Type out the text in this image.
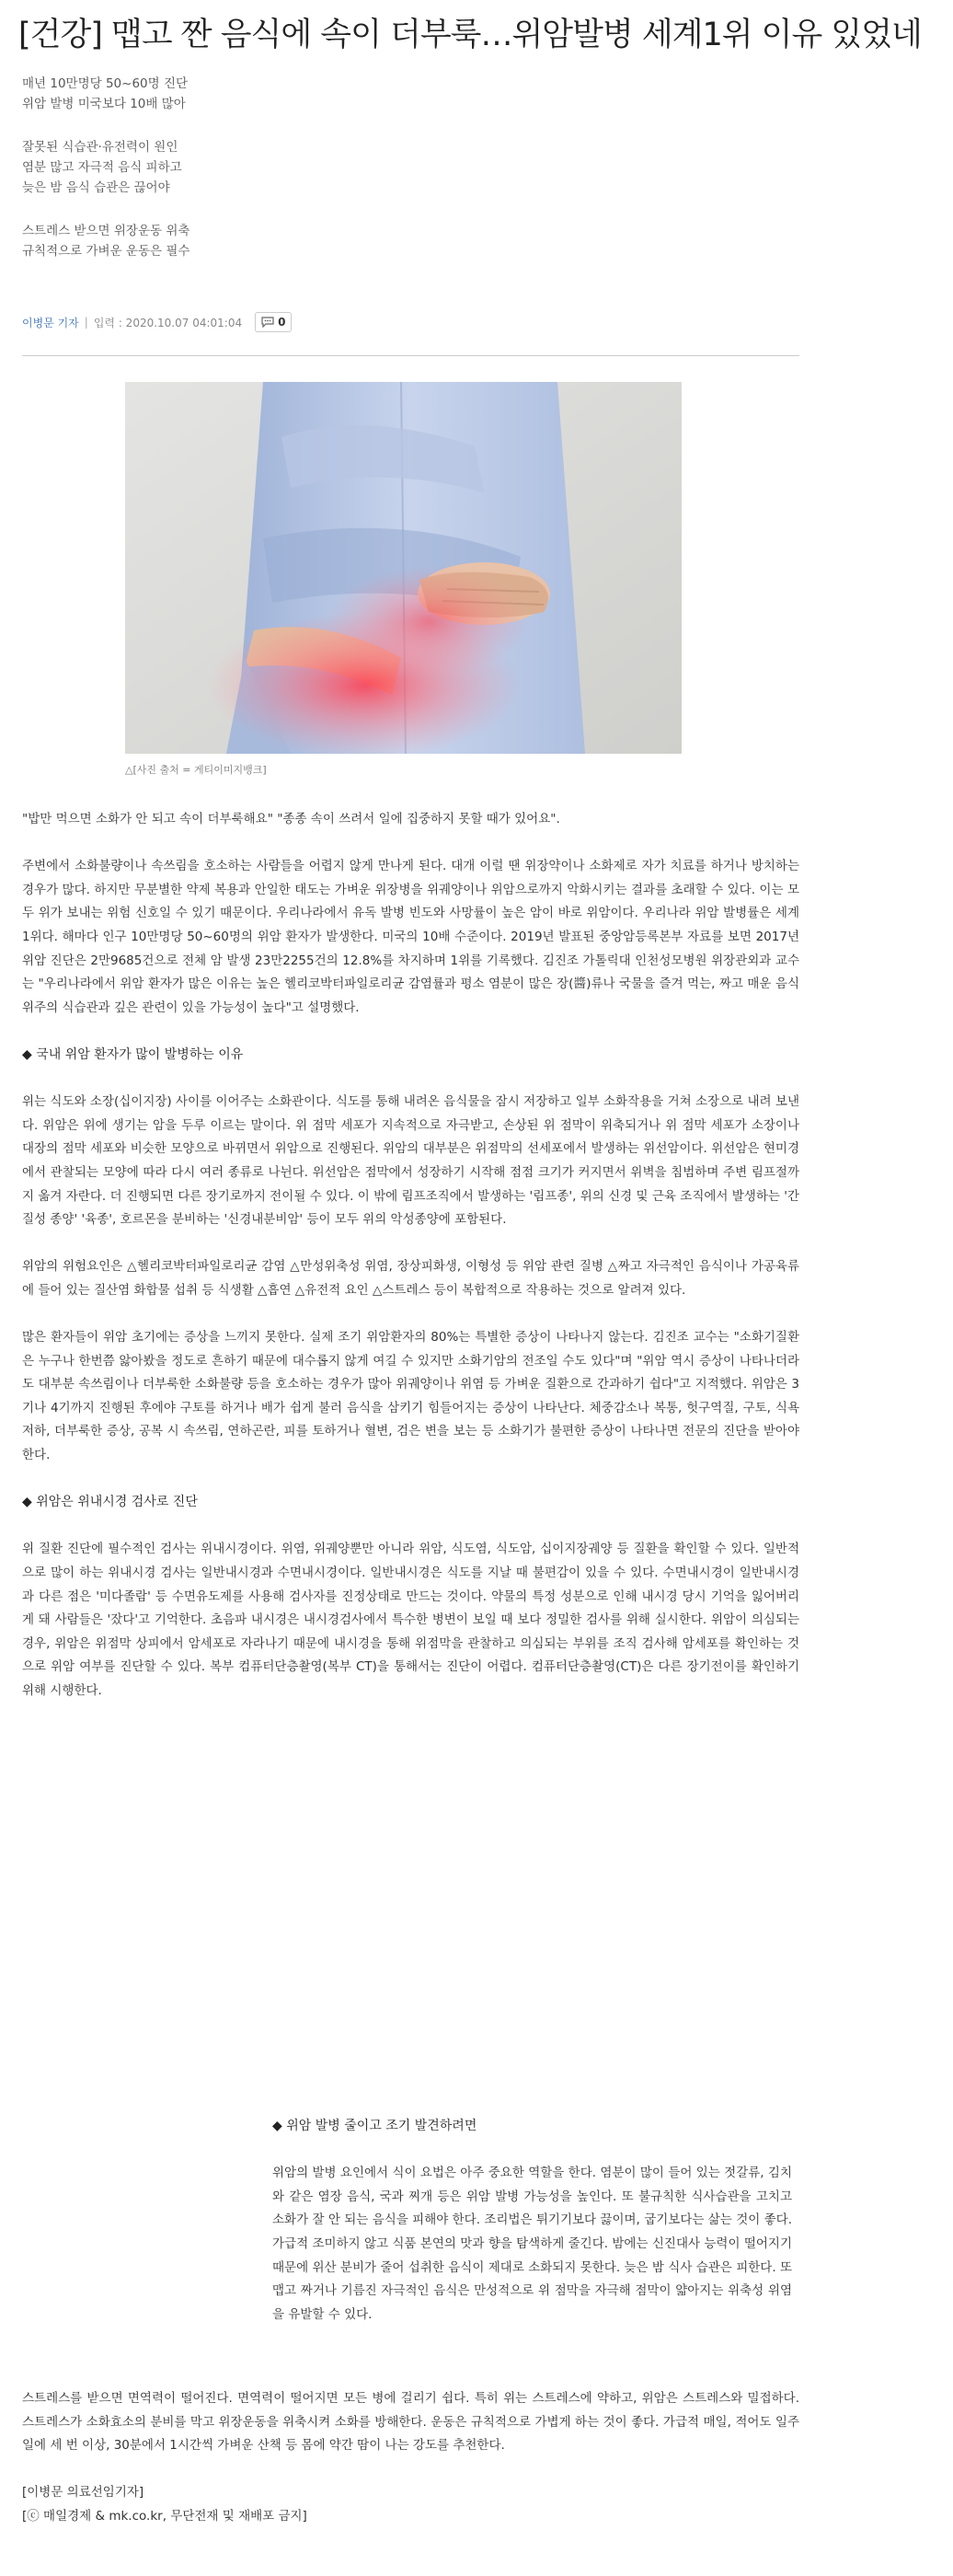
[건강] 맵고 짠 음식에 속이 더부룩…위암발병 세계1위 이유 있었네
매년 10만명당 50~60명 진단
위암 발병 미국보다 10배 많아
잘못된 식습관·유전력이 원인
염분 많고 자극적 음식 피하고
늦은 밤 음식 습관은 끊어야
스트레스 받으면 위장운동 위축
규칙적으로 가벼운 운동은 필수
이병문 기자 | 입력 : 2020.10.07 04:01:04	0
△[사진 출처 = 게티이미지뱅크]

"밥만 먹으면 소화가 안 되고 속이 더부룩해요" "종종 속이 쓰려서 일에 집중하지 못할 때가 있어요".

주변에서 소화불량이나 속쓰림을 호소하는 사람들을 어렵지 않게 만나게 된다. 대개 이럴 땐 위장약이나 소화제로 자가 치료를 하거나 방치하는 경우가 많다. 하지만 무분별한 약제 복용과 안일한 태도는 가벼운 위장병을 위궤양이나 위암으로까지 악화시키는 결과를 초래할 수 있다. 이는 모두 위가 보내는 위험 신호일 수 있기 때문이다. 우리나라에서 유독 발병 빈도와 사망률이 높은 암이 바로 위암이다. 우리나라 위암 발병률은 세계 1위다. 해마다 인구 10만명당 50~60명의 위암 환자가 발생한다. 미국의 10배 수준이다. 2019년 발표된 중앙암등록본부 자료를 보면 2017년 위암 진단은 2만9685건으로 전체 암 발생 23만2255건의 12.8%를 차지하며 1위를 기록했다. 김진조 가톨릭대 인천성모병원 위장관외과 교수는 "우리나라에서 위암 환자가 많은 이유는 높은 헬리코박터파일로리균 감염률과 평소 염분이 많은 장(醬)류나 국물을 즐겨 먹는, 짜고 매운 음식 위주의 식습관과 깊은 관련이 있을 가능성이 높다"고 설명했다.

◆ 국내 위암 환자가 많이 발병하는 이유

위는 식도와 소장(십이지장) 사이를 이어주는 소화관이다. 식도를 통해 내려온 음식물을 잠시 저장하고 일부 소화작용을 거쳐 소장으로 내려 보낸다. 위암은 위에 생기는 암을 두루 이르는 말이다. 위 점막 세포가 지속적으로 자극받고, 손상된 위 점막이 위축되거나 위 점막 세포가 소장이나 대장의 점막 세포와 비슷한 모양으로 바뀌면서 위암으로 진행된다. 위암의 대부분은 위점막의 선세포에서 발생하는 위선암이다. 위선암은 현미경에서 관찰되는 모양에 따라 다시 여러 종류로 나뉜다. 위선암은 점막에서 성장하기 시작해 점점 크기가 커지면서 위벽을 침범하며 주변 림프절까지 옮겨 자란다. 더 진행되면 다른 장기로까지 전이될 수 있다. 이 밖에 림프조직에서 발생하는 '림프종', 위의 신경 및 근육 조직에서 발생하는 '간질성 종양' '육종', 호르몬을 분비하는 '신경내분비암' 등이 모두 위의 악성종양에 포함된다.

위암의 위험요인은 △헬리코박터파일로리균 감염 △만성위축성 위염, 장상피화생, 이형성 등 위암 관련 질병 △짜고 자극적인 음식이나 가공육류에 들어 있는 질산염 화합물 섭취 등 식생활 △흡연 △유전적 요인 △스트레스 등이 복합적으로 작용하는 것으로 알려져 있다.

많은 환자들이 위암 초기에는 증상을 느끼지 못한다. 실제 조기 위암환자의 80%는 특별한 증상이 나타나지 않는다. 김진조 교수는 "소화기질환은 누구나 한번쯤 앓아봤을 정도로 흔하기 때문에 대수롭지 않게 여길 수 있지만 소화기암의 전조일 수도 있다"며 "위암 역시 증상이 나타나더라도 대부분 속쓰림이나 더부룩한 소화불량 등을 호소하는 경우가 많아 위궤양이나 위염 등 가벼운 질환으로 간과하기 쉽다"고 지적했다. 위암은 3기나 4기까지 진행된 후에야 구토를 하거나 배가 쉽게 불러 음식을 삼키기 힘들어지는 증상이 나타난다. 체중감소나 복통, 헛구역질, 구토, 식욕저하, 더부룩한 증상, 공복 시 속쓰림, 연하곤란, 피를 토하거나 혈변, 검은 변을 보는 등 소화기가 불편한 증상이 나타나면 전문의 진단을 받아야 한다.

◆ 위암은 위내시경 검사로 진단

위 질환 진단에 필수적인 검사는 위내시경이다. 위염, 위궤양뿐만 아니라 위암, 식도염, 식도암, 십이지장궤양 등 질환을 확인할 수 있다. 일반적으로 많이 하는 위내시경 검사는 일반내시경과 수면내시경이다. 일반내시경은 식도를 지날 때 불편감이 있을 수 있다. 수면내시경이 일반내시경과 다른 점은 '미다졸람' 등 수면유도제를 사용해 검사자를 진정상태로 만드는 것이다. 약물의 특정 성분으로 인해 내시경 당시 기억을 잃어버리게 돼 사람들은 '잤다'고 기억한다. 초음파 내시경은 내시경검사에서 특수한 병변이 보일 때 보다 정밀한 검사를 위해 실시한다. 위암이 의심되는 경우, 위암은 위점막 상피에서 암세포로 자라나기 때문에 내시경을 통해 위점막을 관찰하고 의심되는 부위를 조직 검사해 암세포를 확인하는 것으로 위암 여부를 진단할 수 있다. 복부 컴퓨터단층촬영(복부 CT)을 통해서는 진단이 어렵다. 컴퓨터단층촬영(CT)은 다른 장기전이를 확인하기 위해 시행한다.

◆ 위암 발병 줄이고 조기 발견하려면

위암의 발병 요인에서 식이 요법은 아주 중요한 역할을 한다. 염분이 많이 들어 있는 젓갈류, 김치와 같은 염장 음식, 국과 찌개 등은 위암 발병 가능성을 높인다. 또 불규칙한 식사습관을 고치고 소화가 잘 안 되는 음식을 피해야 한다. 조리법은 튀기기보다 끓이며, 굽기보다는 삶는 것이 좋다. 가급적 조미하지 않고 식품 본연의 맛과 향을 탐색하게 줄긴다. 밤에는 신진대사 능력이 떨어지기 때문에 위산 분비가 줄어 섭취한 음식이 제대로 소화되지 못한다. 늦은 밤 식사 습관은 피한다. 또 맵고 짜거나 기름진 자극적인 음식은 만성적으로 위 점막을 자극해 점막이 얇아지는 위축성 위염을 유발할 수 있다.

스트레스를 받으면 면역력이 떨어진다. 면역력이 떨어지면 모든 병에 걸리기 쉽다. 특히 위는 스트레스에 약하고, 위암은 스트레스와 밀접하다. 스트레스가 소화효소의 분비를 막고 위장운동을 위축시켜 소화를 방해한다. 운동은 규칙적으로 가볍게 하는 것이 좋다. 가급적 매일, 적어도 일주일에 세 번 이상, 30분에서 1시간씩 가벼운 산책 등 몸에 약간 땀이 나는 강도를 추천한다.

[이병문 의료선임기자]
[ⓒ 매일경제 & mk.co.kr, 무단전재 및 재배포 금지]
